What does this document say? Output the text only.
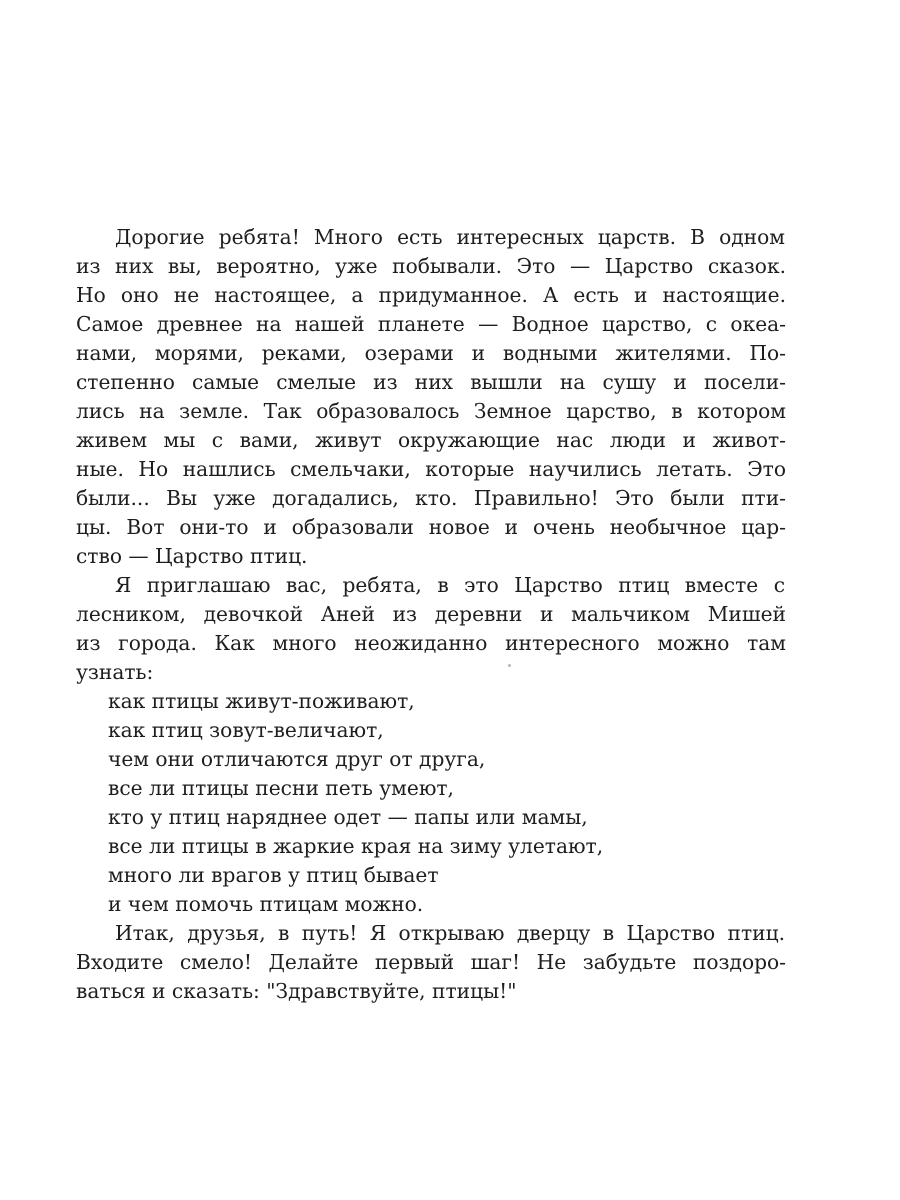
Дорогие ребята! Много есть интересных царств. В одном
из них вы, вероятно, уже побывали. Это — Царство сказок.
Но оно не настоящее, а придуманное. А есть и настоящие.
Самое древнее на нашей планете — Водное царство, с океа-
нами, морями, реками, озерами и водными жителями. По-
степенно самые смелые из них вышли на сушу и посели-
лись на земле. Так образовалось Земное царство, в котором
живем мы с вами, живут окружающие нас люди и живот-
ные. Но нашлись смельчаки, которые научились летать. Это
были... Вы уже догадались, кто. Правильно! Это были пти-
цы. Вот они-то и образовали новое и очень необычное цар-
ство — Царство птиц.
Я приглашаю вас, ребята, в это Царство птиц вместе с
лесником, девочкой Аней из деревни и мальчиком Мишей
из города. Как много неожиданно интересного можно там
узнать:
как птицы живут-поживают,
как птиц зовут-величают,
чем они отличаются друг от друга,
все ли птицы песни петь умеют,
кто у птиц наряднее одет — папы или мамы,
все ли птицы в жаркие края на зиму улетают,
много ли врагов у птиц бывает
и чем помочь птицам можно.
Итак, друзья, в путь! Я открываю дверцу в Царство птиц.
Входите смело! Делайте первый шаг! Не забудьте поздоро-
ваться и сказать: "Здравствуйте, птицы!"
